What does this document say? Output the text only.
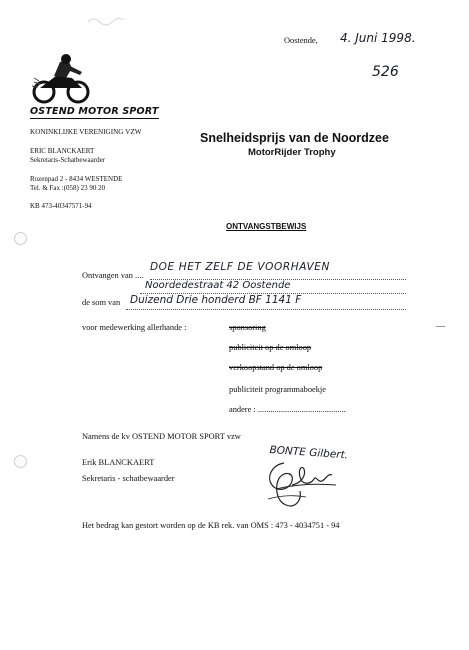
Oostende, 4. Juni 1998.
526
OSTEND MOTOR SPORT
KONINKLIJKE VERENIGING VZW
ERIC BLANCKAERT
Sekretaris-Schatbewaarder
Rozenpad 2 - 8434 WESTENDE
Tel. & Fax :(058) 23 90 20
KB 473-40347571-94
Snelheidsprijs van de Noordzee
MotorRijder Trophy
ONTVANGSTBEWIJS
Ontvangen van ....
DOE HET ZELF DE VOORHAVEN
Noordedestraat 42 Oostende
de som van Duizend Drie honderd BF 1141 F
voor medewerking allerhande :	sponsoring
publiciteit op de omloop
verkoopstand op de omloop
publiciteit programmaboekje
andere : ..........................................
Namens de kv OSTEND MOTOR SPORT vzw
BONTE Gilbert.
Erik BLANCKAERT
Sekretaris - schatbewaarder
Het bedrag kan gestort worden op de KB rek. van OMS : 473 - 4034751 - 94
